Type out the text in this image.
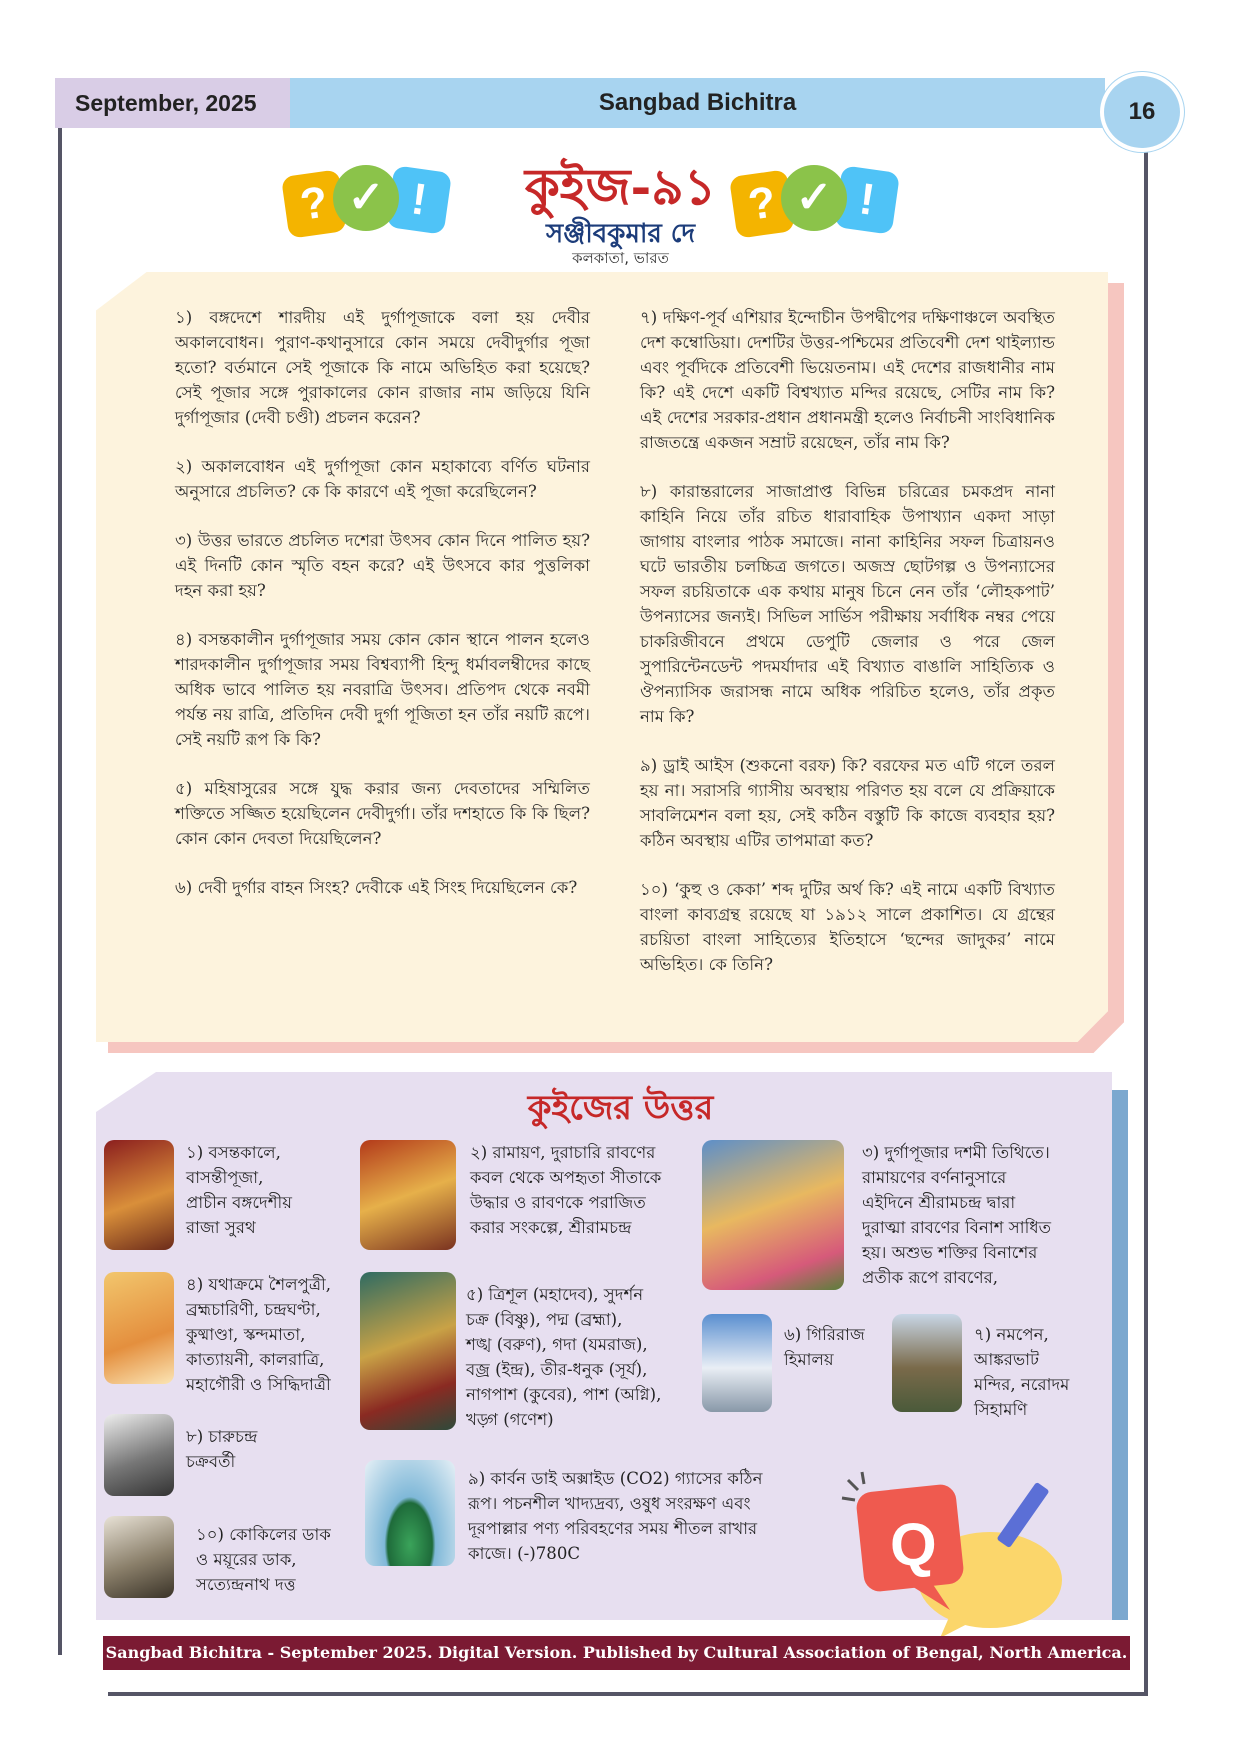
September, 2025	Sangbad Bichitra	16
? ✓ !	? ✓ !
কুইজ-৯১
সঞ্জীবকুমার দে
কলকাতা, ভারত

১) বঙ্গদেশে শারদীয় এই দুর্গাপূজাকে বলা হয় দেবীর অকালবোধন। পুরাণ-কথানুসারে কোন সময়ে দেবীদুর্গার পূজা হতো? বর্তমানে সেই পূজাকে কি নামে অভিহিত করা হয়েছে? সেই পূজার সঙ্গে পুরাকালের কোন রাজার নাম জড়িয়ে যিনি দুর্গাপূজার (দেবী চণ্ডী) প্রচলন করেন?

২) অকালবোধন এই দুর্গাপূজা কোন মহাকাব্যে বর্ণিত ঘটনার অনুসারে প্রচলিত? কে কি কারণে এই পূজা করেছিলেন?

৩) উত্তর ভারতে প্রচলিত দশেরা উৎসব কোন দিনে পালিত হয়? এই দিনটি কোন স্মৃতি বহন করে? এই উৎসবে কার পুত্তলিকা দহন করা হয়?

৪) বসন্তকালীন দুর্গাপূজার সময় কোন কোন স্থানে পালন হলেও শারদকালীন দুর্গাপূজার সময় বিশ্বব্যাপী হিন্দু ধর্মাবলম্বীদের কাছে অধিক ভাবে পালিত হয় নবরাত্রি উৎসব। প্রতিপদ থেকে নবমী পর্যন্ত নয় রাত্রি, প্রতিদিন দেবী দুর্গা পূজিতা হন তাঁর নয়টি রূপে। সেই নয়টি রূপ কি কি?

৫) মহিষাসুরের সঙ্গে যুদ্ধ করার জন্য দেবতাদের সম্মিলিত শক্তিতে সজ্জিত হয়েছিলেন দেবীদুর্গা। তাঁর দশহাতে কি কি ছিল? কোন কোন দেবতা দিয়েছিলেন?

৬) দেবী দুর্গার বাহন সিংহ? দেবীকে এই সিংহ দিয়েছিলেন কে?

৭) দক্ষিণ-পূর্ব এশিয়ার ইন্দোচীন উপদ্বীপের দক্ষিণাঞ্চলে অবস্থিত দেশ কম্বোডিয়া। দেশটির উত্তর-পশ্চিমের প্রতিবেশী দেশ থাইল্যান্ড এবং পূর্বদিকে প্রতিবেশী ভিয়েতনাম। এই দেশের রাজধানীর নাম কি? এই দেশে একটি বিশ্বখ্যাত মন্দির রয়েছে, সেটির নাম কি? এই দেশের সরকার-প্রধান প্রধানমন্ত্রী হলেও নির্বাচনী সাংবিধানিক রাজতন্ত্রে একজন সম্রাট রয়েছেন, তাঁর নাম কি?

৮) কারান্তরালের সাজাপ্রাপ্ত বিভিন্ন চরিত্রের চমকপ্রদ নানা কাহিনি নিয়ে তাঁর রচিত ধারাবাহিক উপাখ্যান একদা সাড়া জাগায় বাংলার পাঠক সমাজে। নানা কাহিনির সফল চিত্রায়নও ঘটে ভারতীয় চলচ্চিত্র জগতে। অজস্র ছোটগল্প ও উপন্যাসের সফল রচয়িতাকে এক কথায় মানুষ চিনে নেন তাঁর ‘লৌহকপাট’ উপন্যাসের জন্যই। সিভিল সার্ভিস পরীক্ষায় সর্বাধিক নম্বর পেয়ে চাকরিজীবনে প্রথমে ডেপুটি জেলার ও পরে জেল সুপারিন্টেনডেন্ট পদমর্যাদার এই বিখ্যাত বাঙালি সাহিত্যিক ও ঔপন্যাসিক জরাসন্ধ নামে অধিক পরিচিত হলেও, তাঁর প্রকৃত নাম কি?

৯) ড্রাই আইস (শুকনো বরফ) কি? বরফের মত এটি গলে তরল হয় না। সরাসরি গ্যাসীয় অবস্থায় পরিণত হয় বলে যে প্রক্রিয়াকে সাবলিমেশন বলা হয়, সেই কঠিন বস্তুটি কি কাজে ব্যবহার হয়? কঠিন অবস্থায় এটির তাপমাত্রা কত?

১০) ‘কুহু ও কেকা’ শব্দ দুটির অর্থ কি? এই নামে একটি বিখ্যাত বাংলা কাব্যগ্রন্থ রয়েছে যা ১৯১২ সালে প্রকাশিত। যে গ্রন্থের রচয়িতা বাংলা সাহিত্যের ইতিহাসে ‘ছন্দের জাদুকর’ নামে অভিহিত। কে তিনি?

কুইজের উত্তর
১) বসন্তকালে,
বাসন্তীপূজা,
প্রাচীন বঙ্গদেশীয়
রাজা সুরথ
২) রামায়ণ, দুরাচারি রাবণের
কবল থেকে অপহৃতা সীতাকে
উদ্ধার ও রাবণকে পরাজিত
করার সংকল্পে, শ্রীরামচন্দ্র
৩) দুর্গাপূজার দশমী তিথিতে।
রামায়ণের বর্ণনানুসারে
এইদিনে শ্রীরামচন্দ্র দ্বারা
দুরাত্মা রাবণের বিনাশ সাধিত
হয়। অশুভ শক্তির বিনাশের
প্রতীক রূপে রাবণের,
৪) যথাক্রমে শৈলপুত্রী,
ব্রহ্মচারিণী, চন্দ্রঘণ্টা,
কুষ্মাণ্ডা, স্কন্দমাতা,
কাত্যায়নী, কালরাত্রি,
মহাগৌরী ও সিদ্ধিদাত্রী
৫) ত্রিশূল (মহাদেব), সুদর্শন
চক্র (বিষ্ণু), পদ্ম (ব্রহ্মা),
শঙ্খ (বরুণ), গদা (যমরাজ),
বজ্র (ইন্দ্র), তীর-ধনুক (সূর্য),
নাগপাশ (কুবের), পাশ (অগ্নি),
খড়্গ (গণেশ)
৬) গিরিরাজ
হিমালয়
৭) নমপেন,
আঙ্করভাট
মন্দির, নরোদম
সিহামণি
৮) চারুচন্দ্র
চক্রবর্তী
৯) কার্বন ডাই অক্সাইড (CO2) গ্যাসের কঠিন
রূপ। পচনশীল খাদ্যদ্রব্য, ওষুধ সংরক্ষণ এবং
দূরপাল্লার পণ্য পরিবহণের সময় শীতল রাখার
কাজে। (-)780C
১০) কোকিলের ডাক
ও ময়ূরের ডাক,
সত্যেন্দ্রনাথ দত্ত
Q
Sangbad Bichitra - September 2025. Digital Version. Published by Cultural Association of Bengal, North America.
